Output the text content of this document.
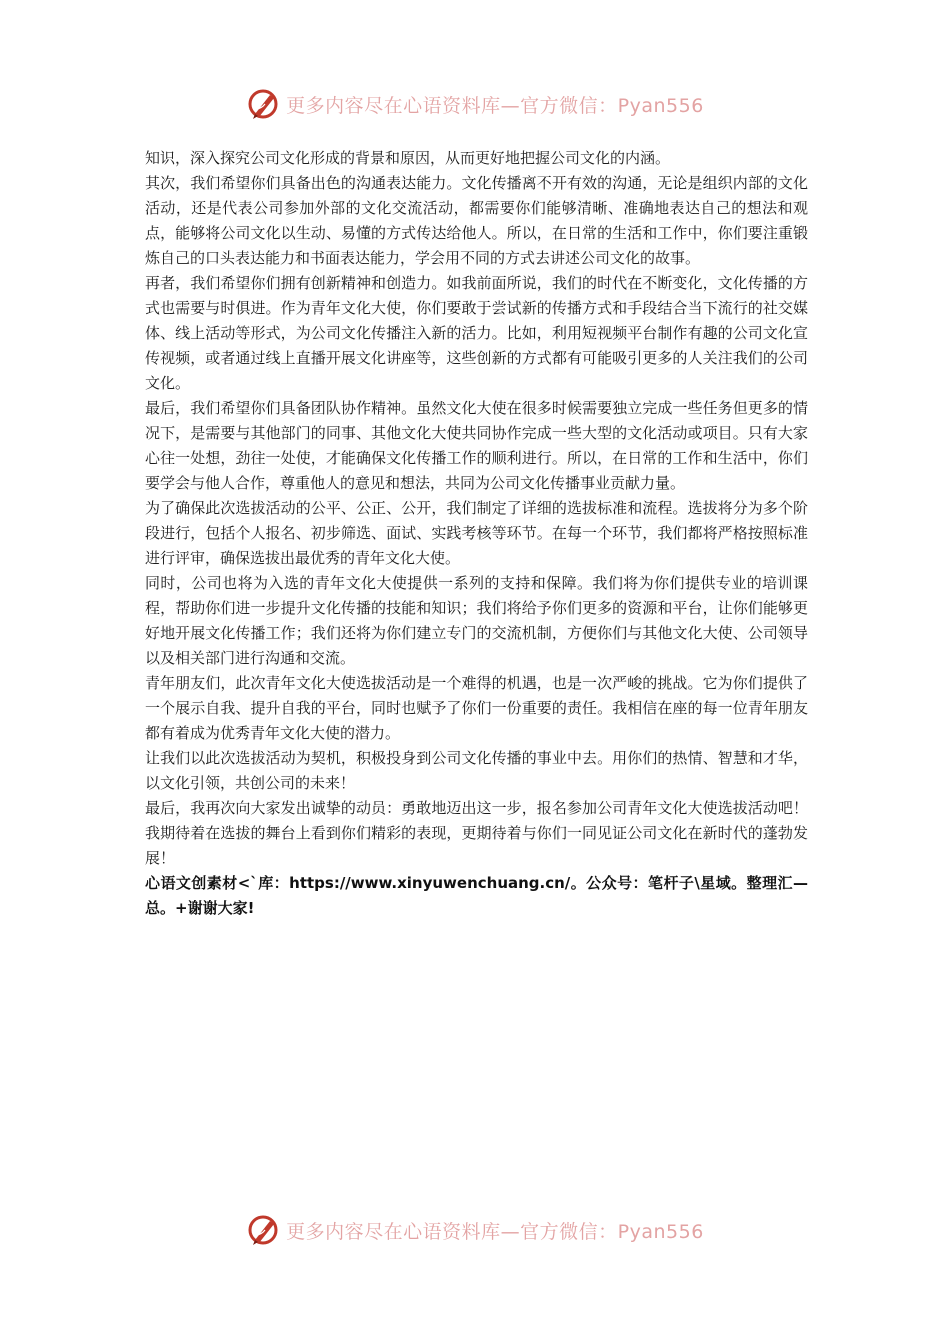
更多内容尽在心语资料库—官方微信：Pyan556

知识，深入探究公司文化形成的背景和原因，从而更好地把握公司文化的内涵。

其次，我们希望你们具备出色的沟通表达能力。文化传播离不开有效的沟通，无论是组织内部的文化活动，还是代表公司参加外部的文化交流活动，都需要你们能够清晰、准确地表达自己的想法和观点，能够将公司文化以生动、易懂的方式传达给他人。所以，在日常的生活和工作中，你们要注重锻炼自己的口头表达能力和书面表达能力，学会用不同的方式去讲述公司文化的故事。

再者，我们希望你们拥有创新精神和创造力。如我前面所说，我们的时代在不断变化，文化传播的方式也需要与时俱进。作为青年文化大使，你们要敢于尝试新的传播方式和手段结合当下流行的社交媒体、线上活动等形式，为公司文化传播注入新的活力。比如，利用短视频平台制作有趣的公司文化宣传视频，或者通过线上直播开展文化讲座等，这些创新的方式都有可能吸引更多的人关注我们的公司文化。

最后，我们希望你们具备团队协作精神。虽然文化大使在很多时候需要独立完成一些任务但更多的情况下，是需要与其他部门的同事、其他文化大使共同协作完成一些大型的文化活动或项目。只有大家心往一处想，劲往一处使，才能确保文化传播工作的顺利进行。所以，在日常的工作和生活中，你们要学会与他人合作，尊重他人的意见和想法，共同为公司文化传播事业贡献力量。

为了确保此次选拔活动的公平、公正、公开，我们制定了详细的选拔标准和流程。选拔将分为多个阶段进行，包括个人报名、初步筛选、面试、实践考核等环节。在每一个环节，我们都将严格按照标准进行评审，确保选拔出最优秀的青年文化大使。

同时，公司也将为入选的青年文化大使提供一系列的支持和保障。我们将为你们提供专业的培训课程，帮助你们进一步提升文化传播的技能和知识；我们将给予你们更多的资源和平台，让你们能够更好地开展文化传播工作；我们还将为你们建立专门的交流机制，方便你们与其他文化大使、公司领导以及相关部门进行沟通和交流。

青年朋友们，此次青年文化大使选拔活动是一个难得的机遇，也是一次严峻的挑战。它为你们提供了一个展示自我、提升自我的平台，同时也赋予了你们一份重要的责任。我相信在座的每一位青年朋友都有着成为优秀青年文化大使的潜力。

让我们以此次选拔活动为契机，积极投身到公司文化传播的事业中去。用你们的热情、智慧和才华，以文化引领，共创公司的未来！

最后，我再次向大家发出诚挚的动员：勇敢地迈出这一步，报名参加公司青年文化大使选拔活动吧！我期待着在选拔的舞台上看到你们精彩的表现，更期待着与你们一同见证公司文化在新时代的蓬勃发展！

心语文创素材<`库：https://www.xinyuwenchuang.cn/。公众号：笔杆子\星域。整理汇—总。+谢谢大家!

更多内容尽在心语资料库—官方微信：Pyan556
